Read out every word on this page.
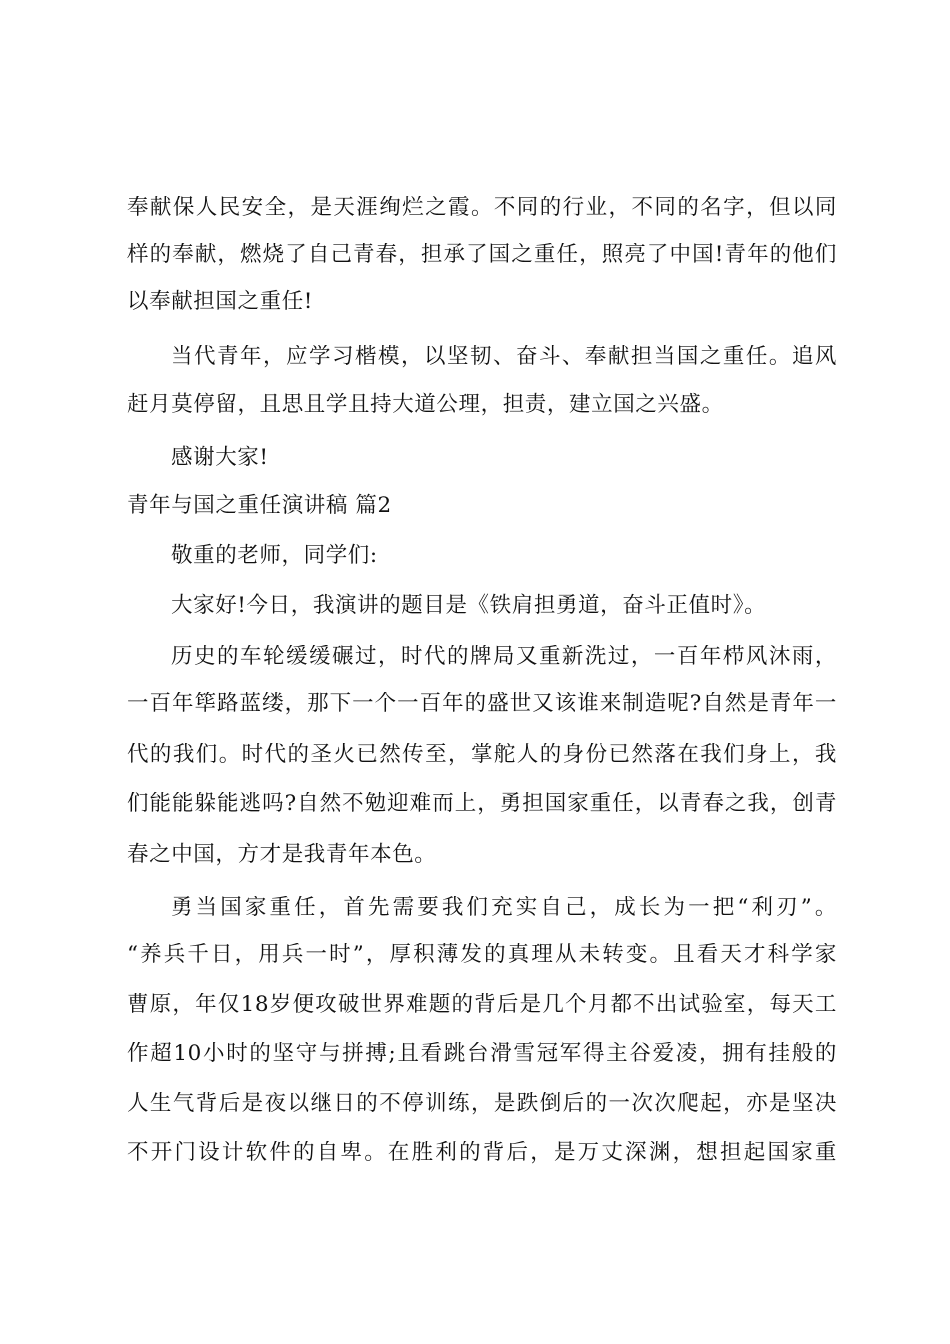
奉献保人民安全，是天涯绚烂之霞。不同的行业，不同的名字，但以同
样的奉献，燃烧了自己青春，担承了国之重任，照亮了中国!青年的他们
以奉献担国之重任!
当代青年，应学习楷模，以坚韧、奋斗、奉献担当国之重任。追风
赶月莫停留，且思且学且持大道公理，担责，建立国之兴盛。
感谢大家!
青年与国之重任演讲稿 篇2
敬重的老师，同学们:
大家好!今日，我演讲的题目是《铁肩担勇道，奋斗正值时》。
历史的车轮缓缓碾过，时代的牌局又重新洗过，一百年栉风沐雨，
一百年筚路蓝缕，那下一个一百年的盛世又该谁来制造呢?自然是青年一
代的我们。时代的圣火已然传至，掌舵人的身份已然落在我们身上，我
们能能躲能逃吗?自然不勉迎难而上，勇担国家重任，以青春之我，创青
春之中国，方才是我青年本色。
勇当国家重任，首先需要我们充实自己，成长为一把“利刃”。
“养兵千日，用兵一时”，厚积薄发的真理从未转变。且看天才科学家
曹原，年仅18岁便攻破世界难题的背后是几个月都不出试验室，每天工
作超10小时的坚守与拼搏;且看跳台滑雪冠军得主谷爱凌，拥有挂般的
人生气背后是夜以继日的不停训练，是跌倒后的一次次爬起，亦是坚决
不开门设计软件的自卑。在胜利的背后，是万丈深渊，想担起国家重
